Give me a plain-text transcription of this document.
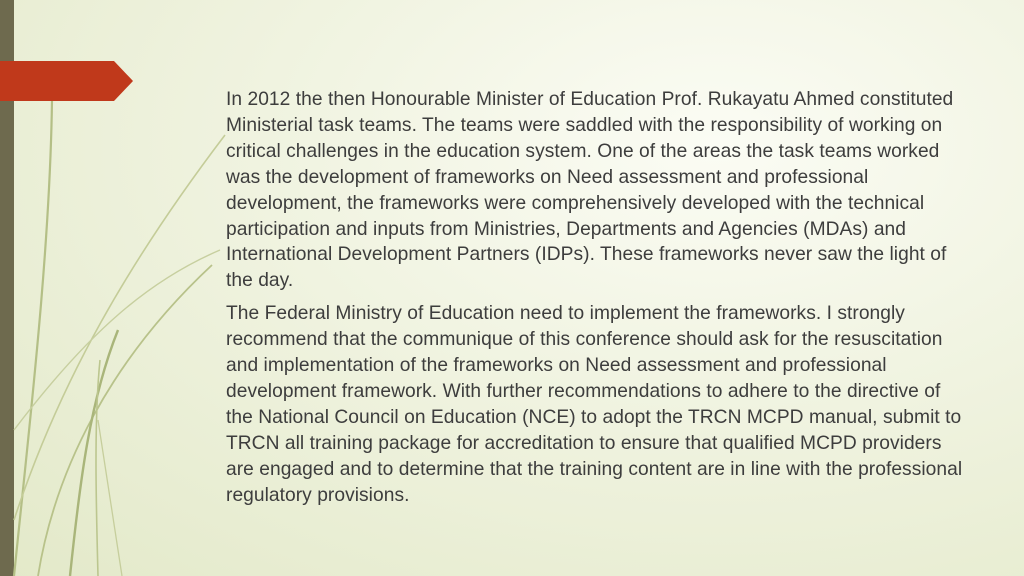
In 2012 the then Honourable Minister of Education Prof. Rukayatu Ahmed constituted Ministerial task teams. The teams were saddled with the responsibility of working on critical challenges in the education system. One of the areas the task teams worked was the development of frameworks on Need assessment and professional development, the frameworks were comprehensively developed with the technical participation and inputs from Ministries, Departments and Agencies (MDAs) and International Development Partners (IDPs). These frameworks never saw the light of the day.

The Federal Ministry of Education need to implement the frameworks. I strongly recommend that the communique of this conference should ask for the resuscitation and implementation of the frameworks on Need assessment and professional development framework. With further recommendations to adhere to the directive of the National Council on Education (NCE) to adopt the TRCN MCPD manual, submit to TRCN all training package for accreditation to ensure that qualified MCPD providers are engaged and to determine that the training content are in line with the professional regulatory provisions.
